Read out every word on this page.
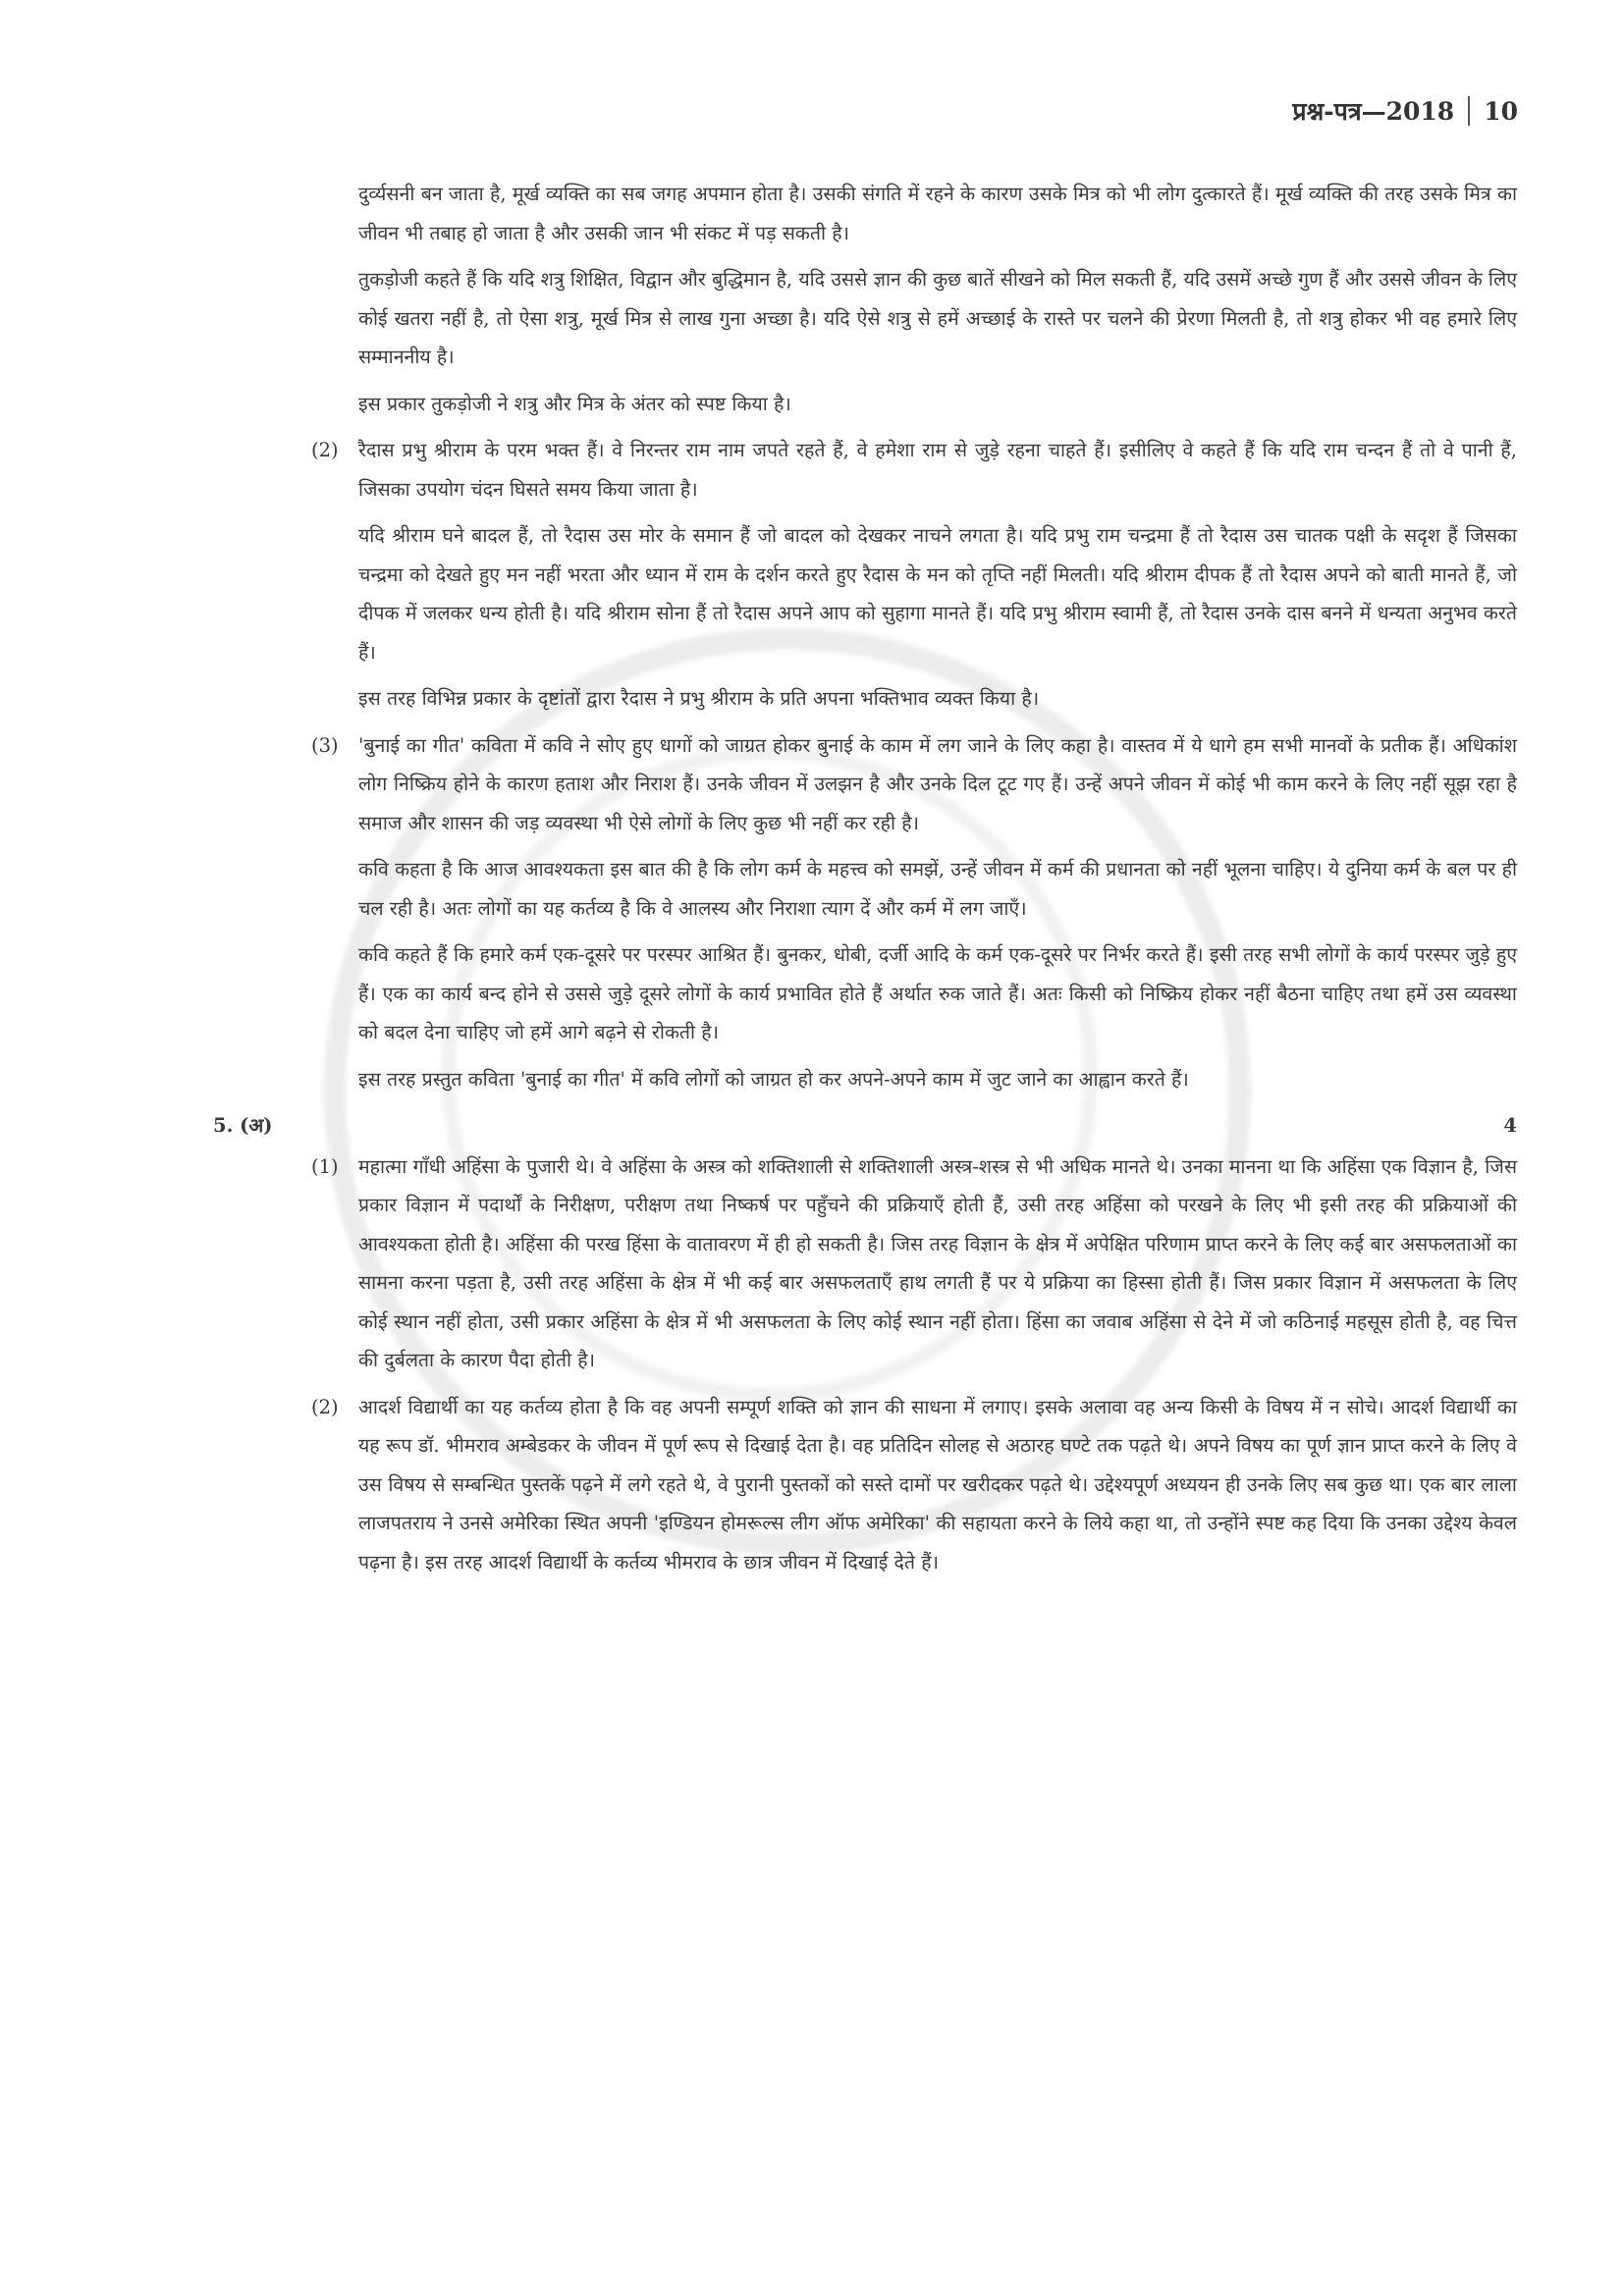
प्रश्न-पत्र—2018 10

दुर्व्यसनी बन जाता है, मूर्ख व्यक्ति का सब जगह अपमान होता है। उसकी संगति में रहने के कारण उसके मित्र को भी लोग दुत्कारते हैं। मूर्ख व्यक्ति की तरह उसके मित्र का जीवन भी तबाह हो जाता है और उसकी जान भी संकट में पड़ सकती है।

तुकड़ोजी कहते हैं कि यदि शत्रु शिक्षित, विद्वान और बुद्धिमान है, यदि उससे ज्ञान की कुछ बातें सीखने को मिल सकती हैं, यदि उसमें अच्छे गुण हैं और उससे जीवन के लिए कोई खतरा नहीं है, तो ऐसा शत्रु, मूर्ख मित्र से लाख गुना अच्छा है। यदि ऐसे शत्रु से हमें अच्छाई के रास्ते पर चलने की प्रेरणा मिलती है, तो शत्रु होकर भी वह हमारे लिए सम्माननीय है।

इस प्रकार तुकड़ोजी ने शत्रु और मित्र के अंतर को स्पष्ट किया है।

(2) रैदास प्रभु श्रीराम के परम भक्त हैं। वे निरन्तर राम नाम जपते रहते हैं, वे हमेशा राम से जुड़े रहना चाहते हैं। इसीलिए वे कहते हैं कि यदि राम चन्दन हैं तो वे पानी हैं, जिसका उपयोग चंदन घिसते समय किया जाता है।

यदि श्रीराम घने बादल हैं, तो रैदास उस मोर के समान हैं जो बादल को देखकर नाचने लगता है। यदि प्रभु राम चन्द्रमा हैं तो रैदास उस चातक पक्षी के सदृश हैं जिसका चन्द्रमा को देखते हुए मन नहीं भरता और ध्यान में राम के दर्शन करते हुए रैदास के मन को तृप्ति नहीं मिलती। यदि श्रीराम दीपक हैं तो रैदास अपने को बाती मानते हैं, जो दीपक में जलकर धन्य होती है। यदि श्रीराम सोना हैं तो रैदास अपने आप को सुहागा मानते हैं। यदि प्रभु श्रीराम स्वामी हैं, तो रैदास उनके दास बनने में धन्यता अनुभव करते हैं।

इस तरह विभिन्न प्रकार के दृष्टांतों द्वारा रैदास ने प्रभु श्रीराम के प्रति अपना भक्तिभाव व्यक्त किया है।

(3) 'बुनाई का गीत' कविता में कवि ने सोए हुए धागों को जाग्रत होकर बुनाई के काम में लग जाने के लिए कहा है। वास्तव में ये धागे हम सभी मानवों के प्रतीक हैं। अधिकांश लोग निष्क्रिय होने के कारण हताश और निराश हैं। उनके जीवन में उलझन है और उनके दिल टूट गए हैं। उन्हें अपने जीवन में कोई भी काम करने के लिए नहीं सूझ रहा है समाज और शासन की जड़ व्यवस्था भी ऐसे लोगों के लिए कुछ भी नहीं कर रही है।

कवि कहता है कि आज आवश्यकता इस बात की है कि लोग कर्म के महत्त्व को समझें, उन्हें जीवन में कर्म की प्रधानता को नहीं भूलना चाहिए। ये दुनिया कर्म के बल पर ही चल रही है। अतः लोगों का यह कर्तव्य है कि वे आलस्य और निराशा त्याग दें और कर्म में लग जाएँ।

कवि कहते हैं कि हमारे कर्म एक-दूसरे पर परस्पर आश्रित हैं। बुनकर, धोबी, दर्जी आदि के कर्म एक-दूसरे पर निर्भर करते हैं। इसी तरह सभी लोगों के कार्य परस्पर जुड़े हुए हैं। एक का कार्य बन्द होने से उससे जुड़े दूसरे लोगों के कार्य प्रभावित होते हैं अर्थात रुक जाते हैं। अतः किसी को निष्क्रिय होकर नहीं बैठना चाहिए तथा हमें उस व्यवस्था को बदल देना चाहिए जो हमें आगे बढ़ने से रोकती है।

इस तरह प्रस्तुत कविता 'बुनाई का गीत' में कवि लोगों को जाग्रत हो कर अपने-अपने काम में जुट जाने का आह्वान करते हैं।

5. (अ)	4
(1) महात्मा गाँधी अहिंसा के पुजारी थे। वे अहिंसा के अस्त्र को शक्तिशाली से शक्तिशाली अस्त्र-शस्त्र से भी अधिक मानते थे। उनका मानना था कि अहिंसा एक विज्ञान है, जिस प्रकार विज्ञान में पदार्थों के निरीक्षण, परीक्षण तथा निष्कर्ष पर पहुँचने की प्रक्रियाएँ होती हैं, उसी तरह अहिंसा को परखने के लिए भी इसी तरह की प्रक्रियाओं की आवश्यकता होती है। अहिंसा की परख हिंसा के वातावरण में ही हो सकती है। जिस तरह विज्ञान के क्षेत्र में अपेक्षित परिणाम प्राप्त करने के लिए कई बार असफलताओं का सामना करना पड़ता है, उसी तरह अहिंसा के क्षेत्र में भी कई बार असफलताएँ हाथ लगती हैं पर ये प्रक्रिया का हिस्सा होती हैं। जिस प्रकार विज्ञान में असफलता के लिए कोई स्थान नहीं होता, उसी प्रकार अहिंसा के क्षेत्र में भी असफलता के लिए कोई स्थान नहीं होता। हिंसा का जवाब अहिंसा से देने में जो कठिनाई महसूस होती है, वह चित्त की दुर्बलता के कारण पैदा होती है।

(2) आदर्श विद्यार्थी का यह कर्तव्य होता है कि वह अपनी सम्पूर्ण शक्ति को ज्ञान की साधना में लगाए। इसके अलावा वह अन्य किसी के विषय में न सोचे। आदर्श विद्यार्थी का यह रूप डॉ. भीमराव अम्बेडकर के जीवन में पूर्ण रूप से दिखाई देता है। वह प्रतिदिन सोलह से अठारह घण्टे तक पढ़ते थे। अपने विषय का पूर्ण ज्ञान प्राप्त करने के लिए वे उस विषय से सम्बन्धित पुस्तकें पढ़ने में लगे रहते थे, वे पुरानी पुस्तकों को सस्ते दामों पर खरीदकर पढ़ते थे। उद्देश्यपूर्ण अध्ययन ही उनके लिए सब कुछ था। एक बार लाला लाजपतराय ने उनसे अमेरिका स्थित अपनी 'इण्डियन होमरूल्स लीग ऑफ अमेरिका' की सहायता करने के लिये कहा था, तो उन्होंने स्पष्ट कह दिया कि उनका उद्देश्य केवल पढ़ना है। इस तरह आदर्श विद्यार्थी के कर्तव्य भीमराव के छात्र जीवन में दिखाई देते हैं।
